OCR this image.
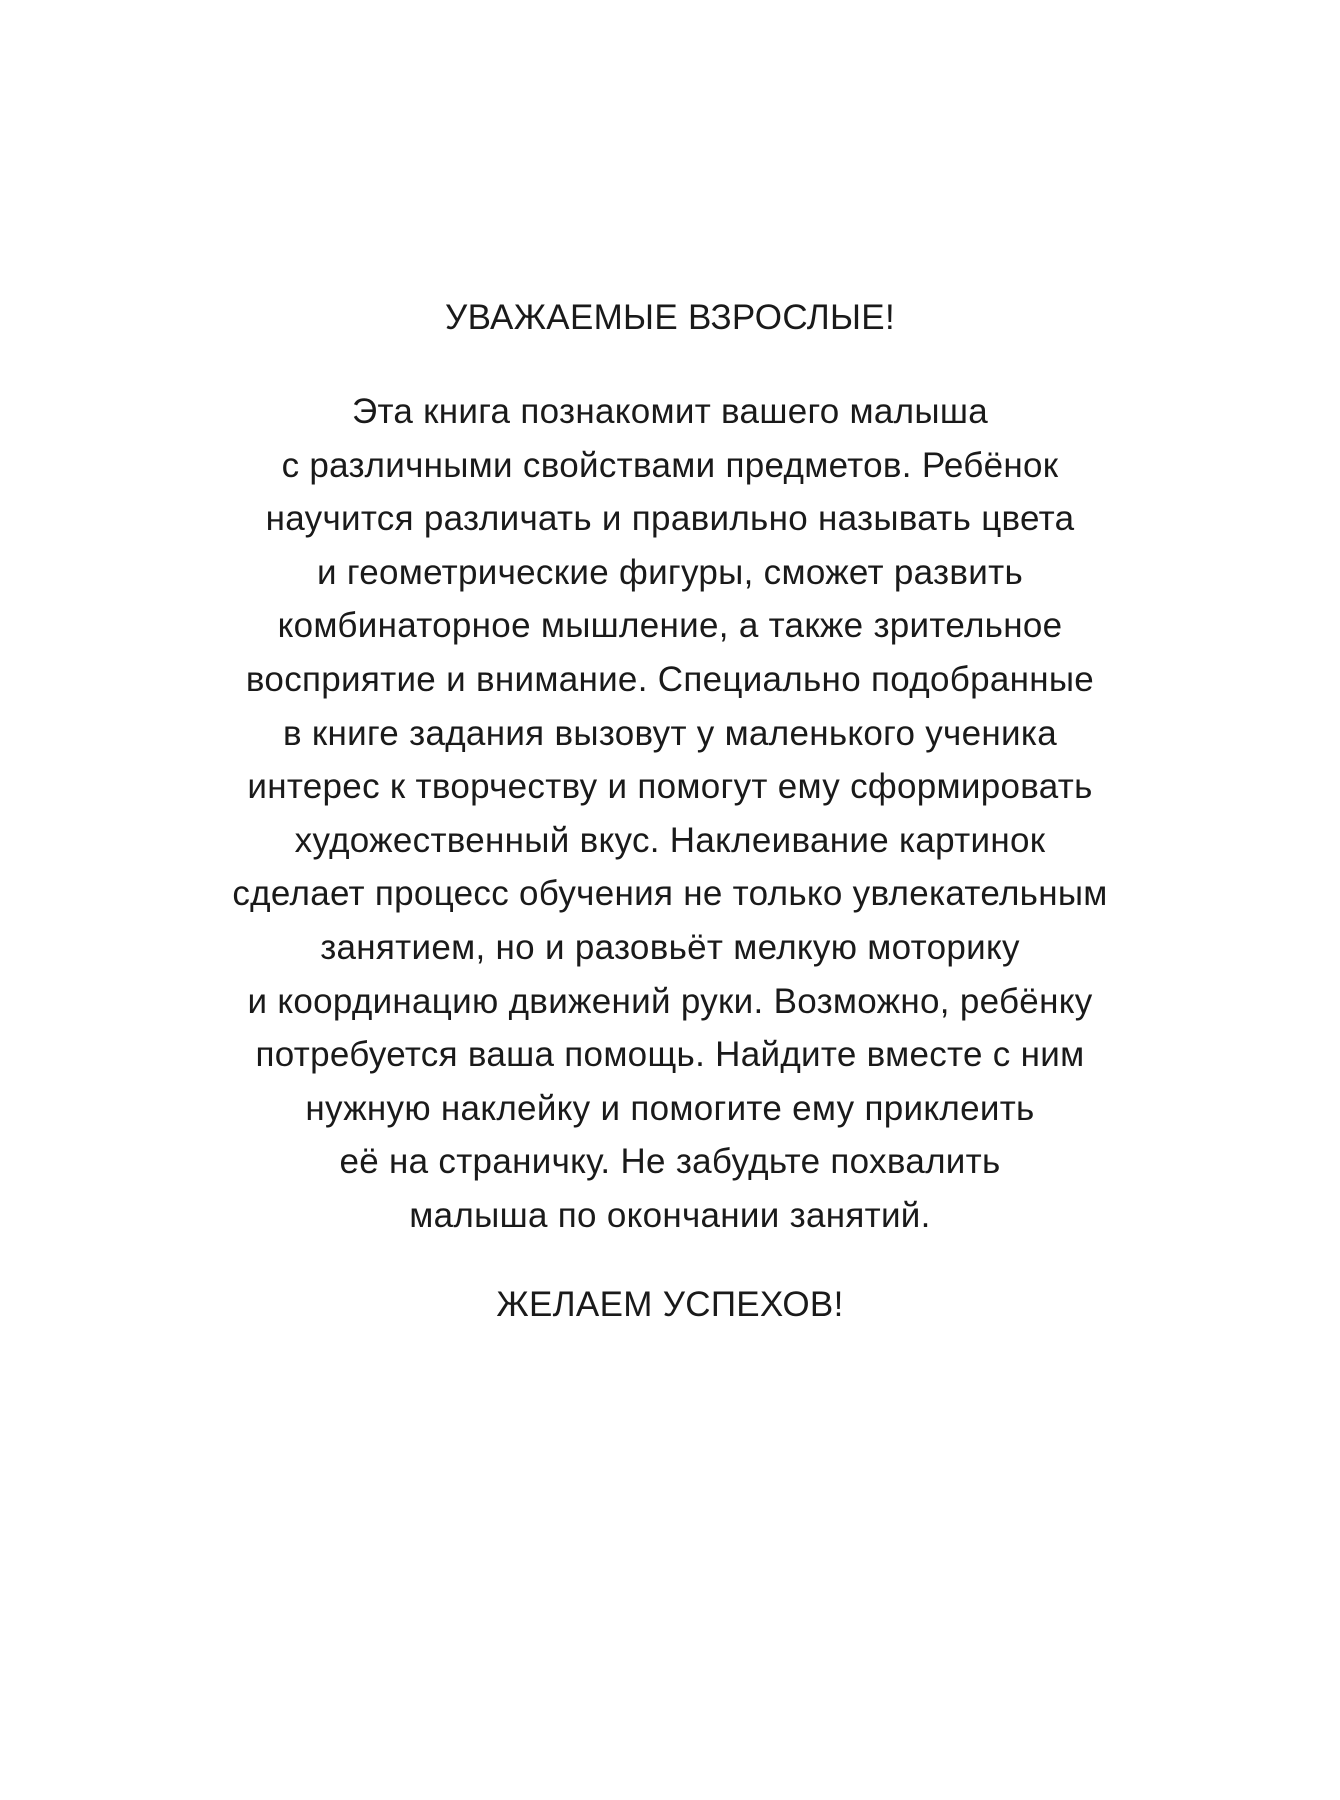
УВАЖАЕМЫЕ ВЗРОСЛЫЕ!
Эта книга познакомит вашего малыша
с различными свойствами предметов. Ребёнок
научится различать и правильно называть цвета
и геометрические фигуры, сможет развить
комбинаторное мышление, а также зрительное
восприятие и внимание. Специально подобранные
в книге задания вызовут у маленького ученика
интерес к творчеству и помогут ему сформировать
художественный вкус. Наклеивание картинок
сделает процесс обучения не только увлекательным
занятием, но и разовьёт мелкую моторику
и координацию движений руки. Возможно, ребёнку
потребуется ваша помощь. Найдите вместе с ним
нужную наклейку и помогите ему приклеить
её на страничку. Не забудьте похвалить
малыша по окончании занятий.
ЖЕЛАЕМ УСПЕХОВ!
